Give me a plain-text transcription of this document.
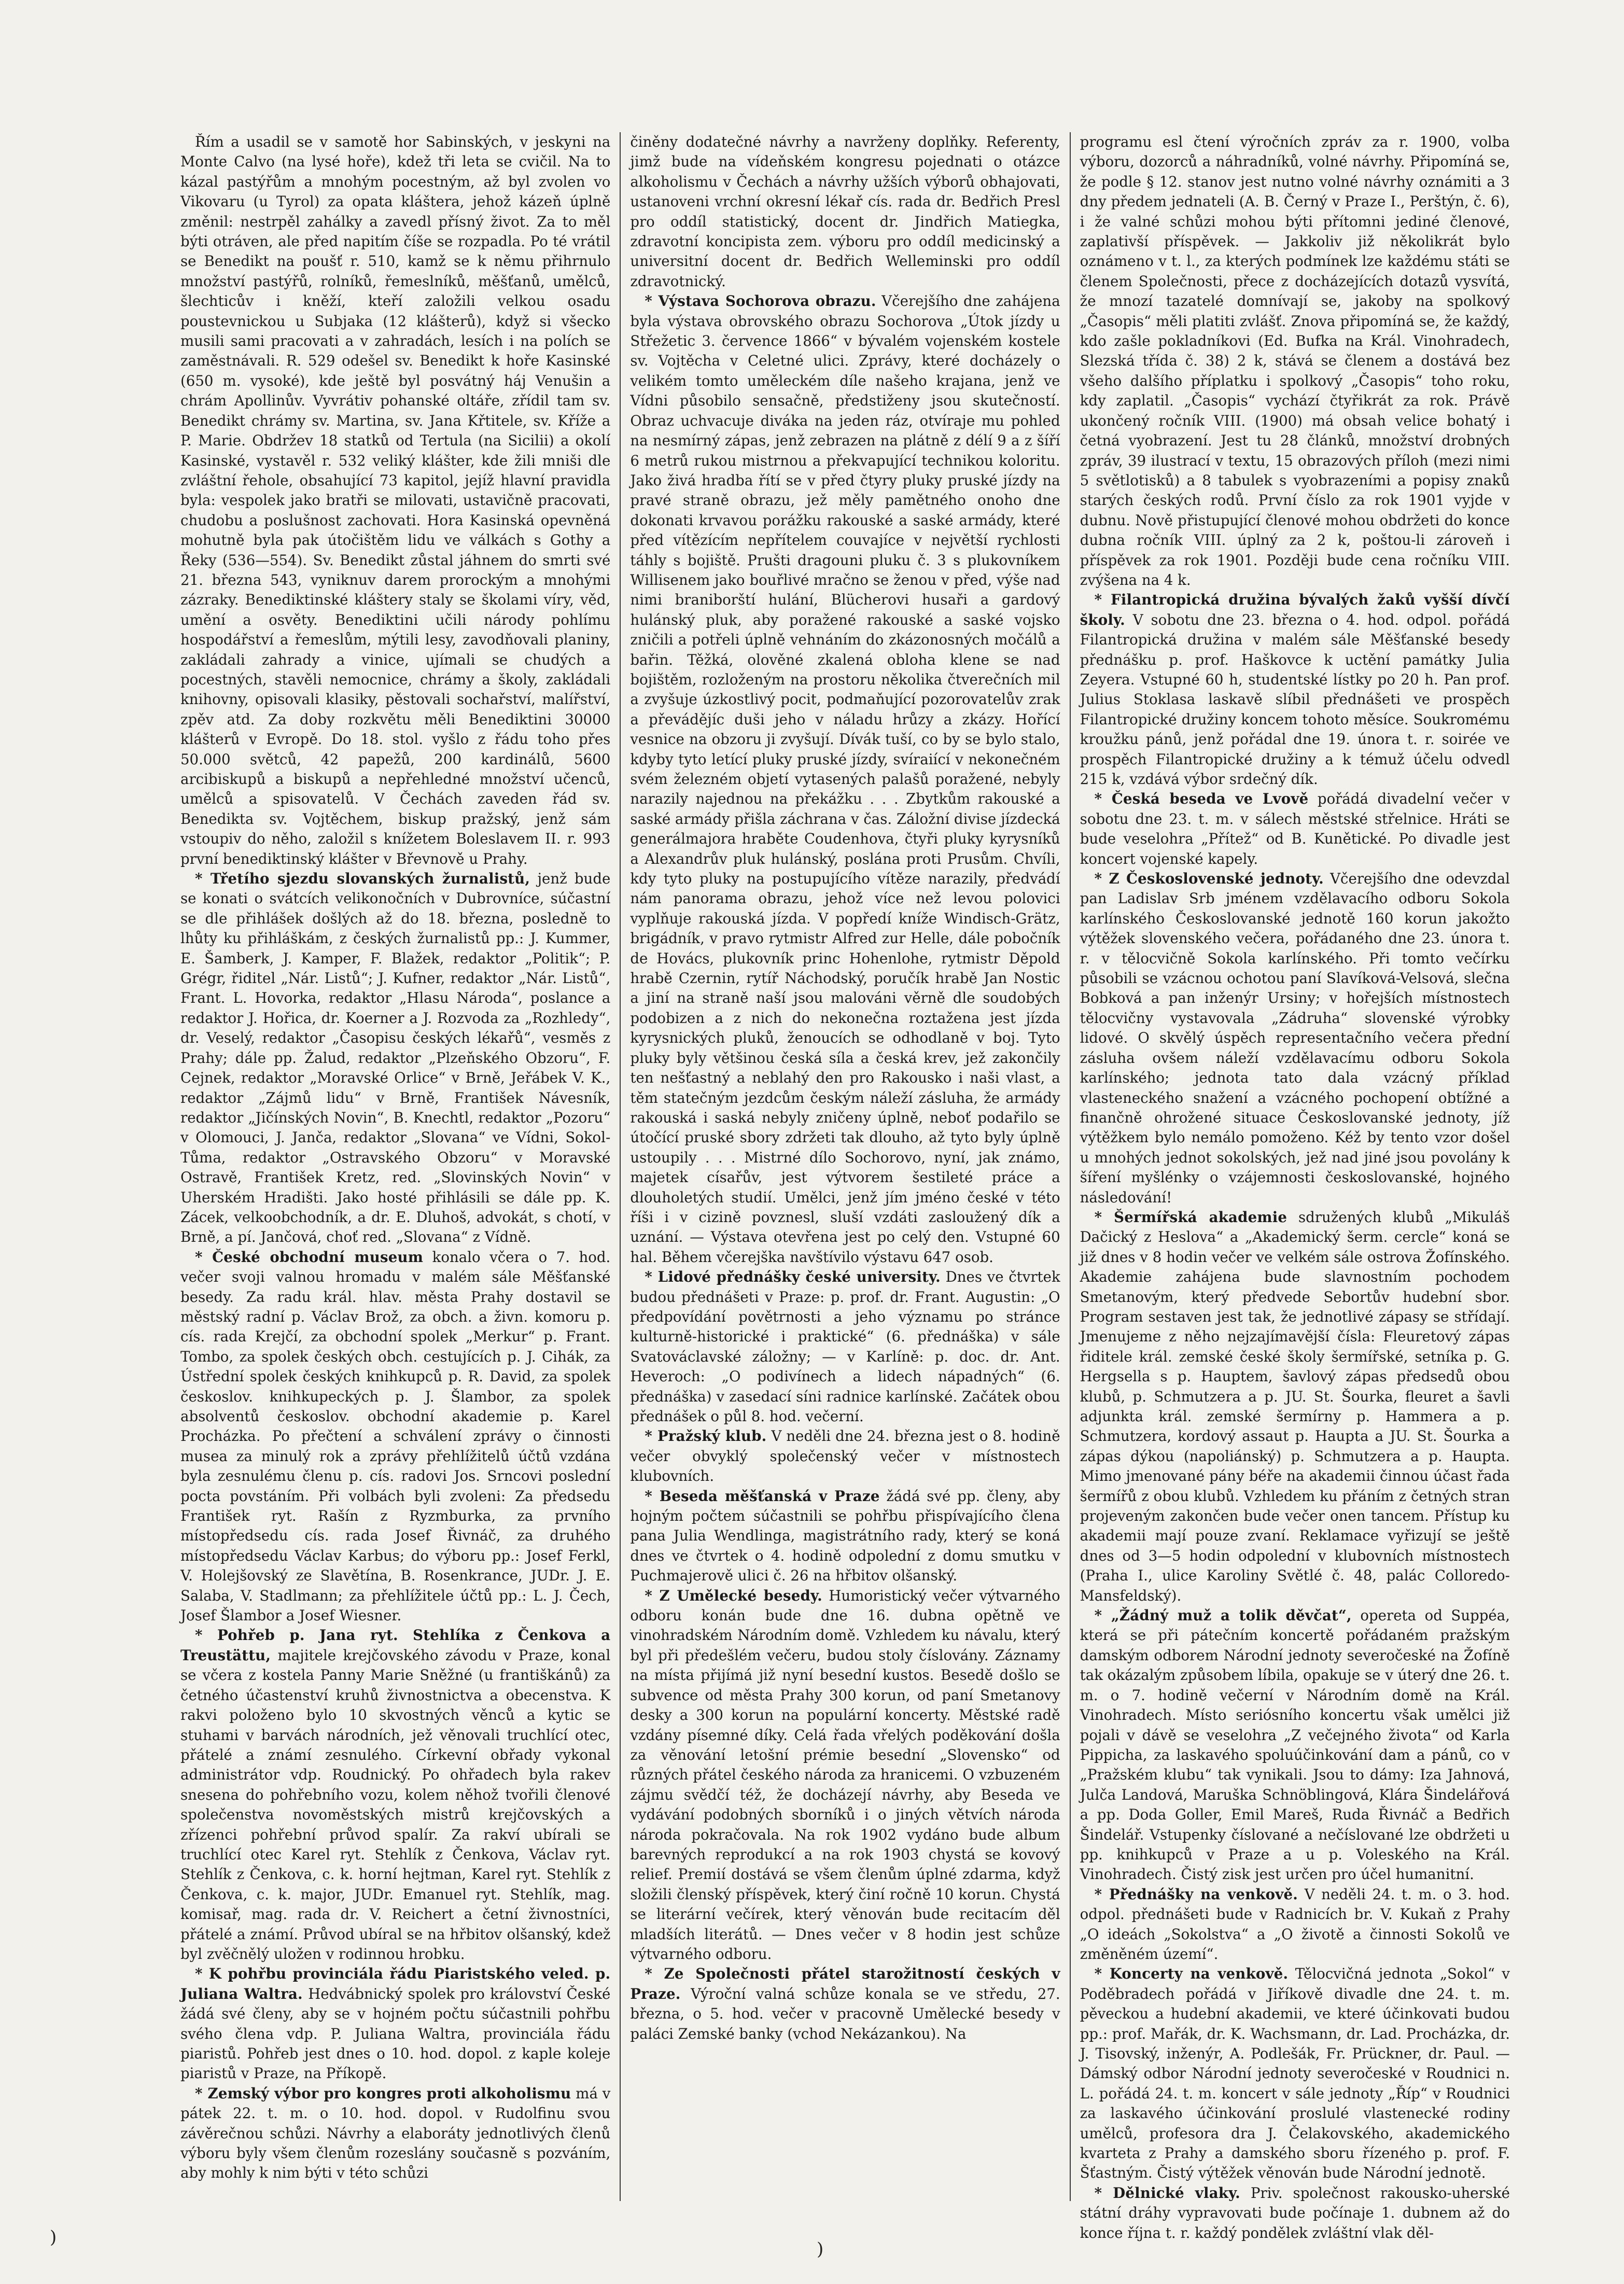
Řím a usadil se v samotě hor Sabinských, v jeskyni na Monte Calvo (na lysé hoře), kdež tři leta se cvičil. Na to kázal pastýřům a mnohým pocestným, až byl zvolen vo Vikovaru (u Tyrol) za opata kláštera, jehož kázeň úplně změnil: nestrpěl zahálky a zavedl přísný život. Za to měl býti otráven, ale před napitím číše se rozpadla. Po té vrátil se Benedikt na poušť r. 510, kamž se k němu přihrnulo množství pastýřů, rolníků, řemeslníků, měšťanů, umělců, šlechticův i kněží, kteří založili velkou osadu poustevnickou u Subjaka (12 klášterů), když si všecko musili sami pracovati a v zahradách, lesích i na polích se zaměstnávali. R. 529 odešel sv. Benedikt k hoře Kasinské (650 m. vysoké), kde ještě byl posvátný háj Venušin a chrám Apollinův. Vyvrátiv pohanské oltáře, zřídil tam sv. Benedikt chrámy sv. Martina, sv. Jana Křtitele, sv. Kříže a P. Marie. Obdržev 18 statků od Tertula (na Sicilii) a okolí Kasinské, vystavěl r. 532 veliký klášter, kde žili mniši dle zvláštní řehole, obsahující 73 kapitol, jejíž hlavní pravidla byla: vespolek jako bratři se milovati, ustavičně pracovati, chudobu a poslušnost zachovati. Hora Kasinská opevněná mohutně byla pak útočištěm lidu ve válkách s Gothy a Řeky (536—554). Sv. Benedikt zůstal jáhnem do smrti své 21. března 543, vyniknuv darem prorockým a mnohými zázraky. Benediktinské kláštery staly se školami víry, věd, umění a osvěty. Benediktini učili národy pohlímu hospodářství a řemeslům, mýtili lesy, zavodňovali planiny, zakládali zahrady a vinice, ujímali se chudých a pocestných, stavěli nemocnice, chrámy a školy, zakládali knihovny, opisovali klasiky, pěstovali sochařství, malířství, zpěv atd. Za doby rozkvětu měli Benediktini 30000 klášterů v Evropě. Do 18. stol. vyšlo z řádu toho přes 50.000 světců, 42 papežů, 200 kardinálů, 5600 arcibiskupů a biskupů a nepřehledné množství učenců, umělců a spisovatelů. V Čechách zaveden řád sv. Benedikta sv. Vojtěchem, biskup pražský, jenž sám vstoupiv do něho, založil s knížetem Boleslavem II. r. 993 první benediktinský klášter v Břevnově u Prahy.

* Třetího sjezdu slovanských žurnalistů, jenž bude se konati o svátcích velikonočních v Dubrovníce, súčastní se dle přihlášek došlých až do 18. března, posledně to lhůty ku přihláškám, z českých žurnalistů pp.: J. Kummer, E. Šamberk, J. Kamper, F. Blažek, redaktor „Politik“; P. Grégr, řiditel „Nár. Listů“; J. Kufner, redaktor „Nár. Listů“, Frant. L. Hovorka, redaktor „Hlasu Národa“, poslance a redaktor J. Hořica, dr. Koerner a J. Rozvoda za „Rozhledy“, dr. Veselý, redaktor „Časopisu českých lékařů“, vesměs z Prahy; dále pp. Žalud, redaktor „Plzeňského Obzoru“, F. Cejnek, redaktor „Moravské Orlice“ v Brně, Jeřábek V. K., redaktor „Zájmů lidu“ v Brně, František Návesník, redaktor „Jičínských Novin“, B. Knechtl, redaktor „Pozoru“ v Olomouci, J. Janča, redaktor „Slovana“ ve Vídni, Sokol-Tůma, redaktor „Ostravského Obzoru“ v Moravské Ostravě, František Kretz, red. „Slovinských Novin“ v Uherském Hradišti. Jako hosté přihlásili se dále pp. K. Zácek, velkoobchodník, a dr. E. Dluhoš, advokát, s chotí, v Brně, a pí. Jančová, choť red. „Slovana“ z Vídně.

* České obchodní museum konalo včera o 7. hod. večer svoji valnou hromadu v malém sále Měšťanské besedy. Za radu král. hlav. města Prahy dostavil se městský radní p. Václav Brož, za obch. a živn. komoru p. cís. rada Krejčí, za obchodní spolek „Merkur“ p. Frant. Tombo, za spolek českých obch. cestujících p. J. Cihák, za Ústřední spolek českých knihkupců p. R. David, za spolek českoslov. knihkupeckých p. J. Šlambor, za spolek absolventů českoslov. obchodní akademie p. Karel Procházka. Po přečtení a schválení zprávy o činnosti musea za minulý rok a zprávy přehlížitelů účtů vzdána byla zesnulému členu p. cís. radovi Jos. Srncovi poslední pocta povstáním. Při volbách byli zvoleni: Za předsedu František ryt. Rašín z Ryzmburka, za prvního místopředsedu cís. rada Josef Řivnáč, za druhého místopředsedu Václav Karbus; do výboru pp.: Josef Ferkl, V. Holejšovský ze Slavětína, B. Rosenkrance, JUDr. J. E. Salaba, V. Stadlmann; za přehlížitele účtů pp.: L. J. Čech, Josef Šlambor a Josef Wiesner.

* Pohřeb p. Jana ryt. Stehlíka z Čenkova a Treustättu, majitele krejčovského závodu v Praze, konal se včera z kostela Panny Marie Sněžné (u františkánů) za četného účastenství kruhů živnostnictva a obecenstva. K rakvi položeno bylo 10 skvostných věnců a kytic se stuhami v barvách národních, jež věnovali truchlící otec, přátelé a známí zesnulého. Církevní obřady vykonal administrátor vdp. Roudnický. Po ohřadech byla rakev snesena do pohřebního vozu, kolem něhož tvořili členové společenstva novoměstských mistrů krejčovských a zřízenci pohřební průvod spalír. Za rakví ubírali se truchlící otec Karel ryt. Stehlík z Čenkova, Václav ryt. Stehlík z Čenkova, c. k. horní hejtman, Karel ryt. Stehlík z Čenkova, c. k. major, JUDr. Emanuel ryt. Stehlík, mag. komisař, mag. rada dr. V. Reichert a četní živnostníci, přátelé a známí. Průvod ubíral se na hřbitov olšanský, kdež byl zvěčnělý uložen v rodinnou hrobku.

* K pohřbu provinciála řádu Piaristského veled. p. Juliana Waltra. Hedvábnický spolek pro království České žádá své členy, aby se v hojném počtu súčastnili pohřbu svého člena vdp. P. Juliana Waltra, provinciála řádu piaristů. Pohřeb jest dnes o 10. hod. dopol. z kaple koleje piaristů v Praze, na Příkopě.

* Zemský výbor pro kongres proti alkoholismu má v pátek 22. t. m. o 10. hod. dopol. v Rudolfinu svou závěrečnou schůzi. Návrhy a elaboráty jednotlivých členů výboru byly všem členům rozeslány současně s pozváním, aby mohly k nim býti v této schůzi

činěny dodatečné návrhy a navrženy doplňky. Referenty, jimž bude na vídeňském kongresu pojednati o otázce alkoholismu v Čechách a návrhy užších výborů obhajovati, ustanoveni vrchní okresní lékař cís. rada dr. Bedřich Presl pro oddíl statistický, docent dr. Jindřich Matiegka, zdravotní koncipista zem. výboru pro oddíl medicinský a universitní docent dr. Bedřich Welleminski pro oddíl zdravotnický.

* Výstava Sochorova obrazu. Včerejšího dne zahájena byla výstava obrovského obrazu Sochorova „Útok jízdy u Střežetic 3. července 1866“ v bývalém vojenském kostele sv. Vojtěcha v Celetné ulici. Zprávy, které docházely o velikém tomto uměleckém díle našeho krajana, jenž ve Vídni působilo sensačně, předstiženy jsou skutečností. Obraz uchvacuje diváka na jeden ráz, otvíraje mu pohled na nesmírný zápas, jenž zebrazen na plátně z délí 9 a z šíří 6 metrů rukou mistrnou a překvapující technikou koloritu. Jako živá hradba řítí se v před čtyry pluky pruské jízdy na pravé straně obrazu, jež měly pamětného onoho dne dokonati krvavou porážku rakouské a saské armády, které před vítězícím nepřítelem couvajíce v největší rychlosti táhly s bojiště. Prušti dragouni pluku č. 3 s plukovníkem Willisenem jako bouřlivé mračno se ženou v před, výše nad nimi braniborští hulání, Blücherovi husaři a gardový hulánský pluk, aby poražené rakouské a saské vojsko zničili a potřeli úplně vehnáním do zkázonosných močálů a bařin. Těžká, olověné zkalená obloha klene se nad bojištěm, rozloženým na prostoru několika čtverečních mil a zvyšuje úzkostlivý pocit, podmaňující pozorovatelův zrak a převádějíc duši jeho v náladu hrůzy a zkázy. Hořící vesnice na obzoru ji zvyšují. Dívák tuší, co by se bylo stalo, kdyby tyto letící pluky pruské jízdy, svíraiící v nekonečném svém železném objetí vytasených palašů poražené, nebyly narazily najednou na překážku . . . Zbytkům rakouské a saské armády přišla záchrana v čas. Záložní divise jízdecká generálmajora hraběte Coudenhova, čtyři pluky kyrysníků a Alexandrův pluk hulánský, poslána proti Prusům. Chvíli, kdy tyto pluky na postupujícího vítěze narazily, předvádí nám panorama obrazu, jehož více než levou polovici vyplňuje rakouská jízda. V popředí kníže Windisch-Grätz, brigádník, v pravo rytmistr Alfred zur Helle, dále pobočník de Hovács, plukovník princ Hohenlohe, rytmistr Děpold hrabě Czernin, rytíř Náchodský, poručík hrabě Jan Nostic a jiní na straně naší jsou malováni věrně dle soudobých podobizen a z nich do nekonečna roztažena jest jízda kyrysnických pluků, ženoucích se odhodlaně v boj. Tyto pluky byly většinou česká síla a česká krev, jež zakončily ten nešťastný a neblahý den pro Rakousko i naši vlast, a těm statečným jezdcům českým náleží zásluha, že armády rakouská i saská nebyly zničeny úplně, neboť podařilo se útočící pruské sbory zdržeti tak dlouho, až tyto byly úplně ustoupily . . . Mistrné dílo Sochorovo, nyní, jak známo, majetek císařův, jest výtvorem šestileté práce a dlouholetých studií. Umělci, jenž jím jméno české v této říši i v cizině povznesl, sluší vzdáti zasloužený dík a uznání. — Výstava otevřena jest po celý den. Vstupné 60 hal. Během včerejška navštívilo výstavu 647 osob.

* Lidové přednášky české university. Dnes ve čtvrtek budou přednášeti v Praze: p. prof. dr. Frant. Augustin: „O předpovídání povětrnosti a jeho významu po stránce kulturně-historické i praktické“ (6. přednáška) v sále Svatováclavské záložny; — v Karlíně: p. doc. dr. Ant. Heveroch: „O podivínech a lidech nápadných“ (6. přednáška) v zasedací síni radnice karlínské. Začátek obou přednášek o půl 8. hod. večerní.

* Pražský klub. V neděli dne 24. března jest o 8. hodině večer obvyklý společenský večer v místnostech klubovních.

* Beseda měšťanská v Praze žádá své pp. členy, aby hojným počtem súčastnili se pohřbu přispívajícího člena pana Julia Wendlinga, magistrátního rady, který se koná dnes ve čtvrtek o 4. hodině odpolední z domu smutku v Puchmajerově ulici č. 26 na hřbitov olšanský.

* Z Umělecké besedy. Humoristický večer výtvarného odboru konán bude dne 16. dubna opětně ve vinohradském Národním domě. Vzhledem ku návalu, který byl při předešlém večeru, budou stoly číslovány. Záznamy na místa přijímá již nyní besední kustos. Besedě došlo se subvence od města Prahy 300 korun, od paní Smetanovy desky a 300 korun na populární koncerty. Městské radě vzdány písemné díky. Celá řada vřelých poděkování došla za věnování letošní prémie besední „Slovensko“ od různých přátel českého národa za hranicemi. O vzbuzeném zájmu svědčí též, že docházejí návrhy, aby Beseda ve vydávání podobných sborníků i o jiných větvích národa národa pokračovala. Na rok 1902 vydáno bude album barevných reprodukcí a na rok 1903 chystá se kovový relief. Premií dostává se všem členům úplné zdarma, když složili členský příspěvek, který činí ročně 10 korun. Chystá se literární večírek, který věnován bude recitacím děl mladších literátů. — Dnes večer v 8 hodin jest schůze výtvarného odboru.

* Ze Společnosti přátel starožitností českých v Praze. Výroční valná schůze konala se ve středu, 27. března, o 5. hod. večer v pracovně Umělecké besedy v paláci Zemské banky (vchod Nekázankou). Na

programu esl čtení výročních zpráv za r. 1900, volba výboru, dozorců a náhradníků, volné návrhy. Připomíná se, že podle § 12. stanov jest nutno volné návrhy oznámiti a 3 dny předem jednateli (A. B. Černý v Praze I., Perštýn, č. 6), i že valné schůzi mohou býti přítomni jediné členové, zaplativší příspěvek. — Jakkoliv již několikrát bylo oznámeno v t. l., za kterých podmínek lze každému státi se členem Společnosti, přece z docházejících dotazů vysvítá, že mnozí tazatelé domnívají se, jakoby na spolkový „Časopis“ měli platiti zvlášť. Znova připomíná se, že každý, kdo zašle pokladníkovi (Ed. Bufka na Král. Vinohradech, Slezská třída č. 38) 2 k, stává se členem a dostává bez všeho dalšího příplatku i spolkový „Časopis“ toho roku, kdy zaplatil. „Časopis“ vychází čtyřikrát za rok. Právě ukončený ročník VIII. (1900) má obsah velice bohatý i četná vyobrazení. Jest tu 28 článků, množství drobných zpráv, 39 ilustrací v textu, 15 obrazových příloh (mezi nimi 5 světlotisků) a 8 tabulek s vyobrazeními a popisy znaků starých českých rodů. První číslo za rok 1901 vyjde v dubnu. Nově přistupující členové mohou obdržeti do konce dubna ročník VIII. úplný za 2 k, poštou-li zároveň i příspěvek za rok 1901. Později bude cena ročníku VIII. zvýšena na 4 k.

* Filantropická družina bývalých žaků vyšší dívčí školy. V sobotu dne 23. března o 4. hod. odpol. pořádá Filantropická družina v malém sále Měšťanské besedy přednášku p. prof. Haškovce k uctění památky Julia Zeyera. Vstupné 60 h, studentské lístky po 20 h. Pan prof. Julius Stoklasa laskavě slíbil přednášeti ve prospěch Filantropické družiny koncem tohoto měsíce. Soukromému kroužku pánů, jenž pořádal dne 19. února t. r. soirée ve prospěch Filantropické družiny a k témuž účelu odvedl 215 k, vzdává výbor srdečný dík.

* Česká beseda ve Lvově pořádá divadelní večer v sobotu dne 23. t. m. v sálech městské střelnice. Hráti se bude veselohra „Přítež“ od B. Kunětické. Po divadle jest koncert vojenské kapely.

* Z Československé jednoty. Včerejšího dne odevzdal pan Ladislav Srb jménem vzdělavacího odboru Sokola karlínského Českoslovanské jednotě 160 korun jakožto výtěžek slovenského večera, pořádaného dne 23. února t. r. v tělocvičně Sokola karlínského. Při tomto večírku působili se vzácnou ochotou paní Slavíková-Velsová, slečna Bobková a pan inženýr Ursiny; v hořejších místnostech tělocvičny vystavovala „Zádruha“ slovenské výrobky lidové. O skvělý úspěch representačního večera přední zásluha ovšem náleží vzdělavacímu odboru Sokola karlínského; jednota tato dala vzácný příklad vlasteneckého snažení a vzácného pochopení obtížné a finančně ohrožené situace Českoslovanské jednoty, jíž výtěžkem bylo nemálo pomoženo. Kéž by tento vzor došel u mnohých jednot sokolských, jež nad jiné jsou povolány k šíření myšlénky o vzájemnosti českoslovanské, hojného následování!

* Šermířská akademie sdružených klubů „Mikuláš Dačický z Heslova“ a „Akademický šerm. cercle“ koná se již dnes v 8 hodin večer ve velkém sále ostrova Žofínského. Akademie zahájena bude slavnostním pochodem Smetanovým, který předvede Sebortův hudební sbor. Program sestaven jest tak, že jednotlivé zápasy se střídají. Jmenujeme z něho nejzajímavější čísla: Fleuretový zápas řiditele král. zemské české školy šermířské, setníka p. G. Hergsella s p. Hauptem, šavlový zápas předsedů obou klubů, p. Schmutzera a p. JU. St. Šourka, fleuret a šavli adjunkta král. zemské šermírny p. Hammera a p. Schmutzera, kordový assaut p. Haupta a JU. St. Šourka a zápas dýkou (napoliánský) p. Schmutzera a p. Haupta. Mimo jmenované pány béře na akademii činnou účast řada šermířů z obou klubů. Vzhledem ku přáním z četných stran projeveným zakončen bude večer onen tancem. Přístup ku akademii mají pouze zvaní. Reklamace vyřizují se ještě dnes od 3—5 hodin odpolední v klubovních místnostech (Praha I., ulice Karoliny Světlé č. 48, palác Colloredo-Mansfeldský).

* „Žádný muž a tolik děvčat“, opereta od Suppéa, která se při pátečním koncertě pořádaném pražským damským odborem Národní jednoty severočeské na Žofíně tak okázalým způsobem líbila, opakuje se v úterý dne 26. t. m. o 7. hodině večerní v Národním domě na Král. Vinohradech. Místo seriósního koncertu však umělci již pojali v dávě se veselohra „Z večejného života“ od Karla Pippicha, za laskavého spoluúčinkování dam a pánů, co v „Pražském klubu“ tak vynikali. Jsou to dámy: Iza Jahnová, Julča Landová, Maruška Schnöblingová, Klára Šindelářová a pp. Doda Goller, Emil Mareš, Ruda Řivnáč a Bedřich Šindelář. Vstupenky číslované a nečíslované lze obdržeti u pp. knihkupců v Praze a u p. Voleského na Král. Vinohradech. Čistý zisk jest určen pro účel humanitní.

* Přednášky na venkově. V neděli 24. t. m. o 3. hod. odpol. přednášeti bude v Radnicích br. V. Kukaň z Prahy „O ideách „Sokolstva“ a „O životě a činnosti Sokolů ve změněném území“.

* Koncerty na venkově. Tělocvičná jednota „Sokol“ v Poděbradech pořádá v Jiříkově divadle dne 24. t. m. pěveckou a hudební akademii, ve které účinkovati budou pp.: prof. Mařák, dr. K. Wachsmann, dr. Lad. Procházka, dr. J. Tisovský, inženýr, A. Podlešák, Fr. Prückner, dr. Paul. — Dámský odbor Národní jednoty severočeské v Roudnici n. L. pořádá 24. t. m. koncert v sále jednoty „Říp“ v Roudnici za laskavého účinkování proslulé vlastenecké rodiny umělců, profesora dra J. Čelakovského, akademického kvarteta z Prahy a damského sboru řízeného p. prof. F. Šťastným. Čistý výtěžek věnován bude Národní jednotě.

* Dělnické vlaky. Priv. společnost rakousko-uherské státní dráhy vypravovati bude počínaje 1. dubnem až do konce října t. r. každý pondělek zvláštní vlak děl-

)
)
